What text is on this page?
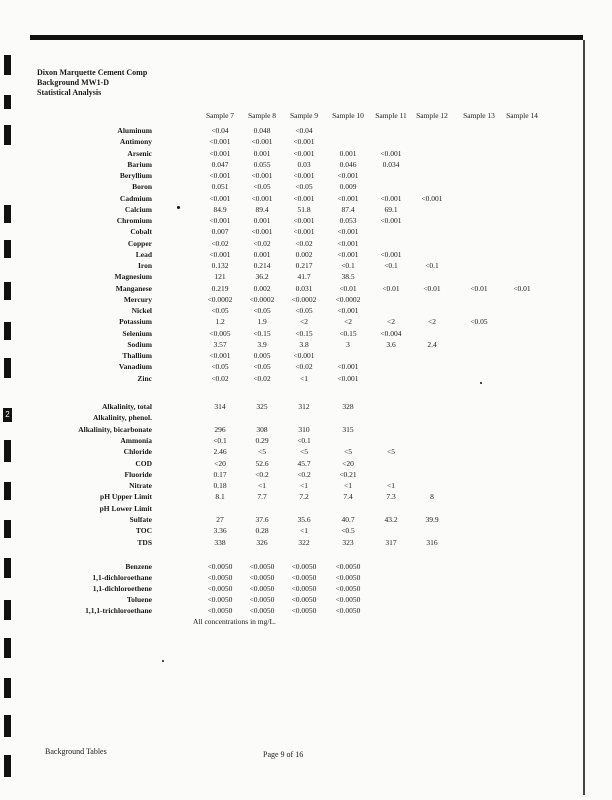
2
Dixon Marquette Cement Comp
Background MW1-D
Statistical Analysis
Sample 7 Sample 8 Sample 9 Sample 10 Sample 11 Sample 12 Sample 13 Sample 14
Aluminum	<0.04	0.048	<0.04
Antimony	<0.001	<0.001	<0.001
Arsenic	<0.001	0.001	<0.001	0.001	<0.001
Barium	0.047	0.055	0.03	0.046	0.034
Beryllium	<0.001	<0.001	<0.001	<0.001
Boron	0.051	<0.05	<0.05	0.009
Cadmium	<0.001	<0.001	<0.001	<0.001	<0.001	<0.001
Calcium	84.9	89.4	51.8	87.4	69.1
Chromium	<0.001	0.001	<0.001	0.053	<0.001
Cobalt	0.007	<0.001	<0.001	<0.001
Copper	<0.02	<0.02	<0.02	<0.001
Lead	<0.001	0.001	0.002	<0.001	<0.001
Iron	0.132	0.214	0.217	<0.1	<0.1	<0.1
Magnesium	121	36.2	41.7	38.5
Manganese	0.219	0.002	0.031	<0.01	<0.01	<0.01	<0.01	<0.01
Mercury	<0.0002 <0.0002 <0.0002	<0.0002
Nickel	<0.05	<0.05	<0.05	<0.001
Potassium	1.2	1.9	<2	<2	<2	<2	<0.05
Selenium	<0.005	<0.15	<0.15	<0.15	<0.004
Sodium	3.57	3.9	3.8	3	3.6	2.4
Thallium	<0.001	0.005	<0.001
Vanadium	<0.05	<0.05	<0.02	<0.001
Zinc	<0.02	<0.02	<1	<0.001
Alkalinity, total	314	325	312	328
Alkalinity, phenol.
Alkalinity, bicarbonate	296	308	310	315
Ammonia	<0.1	0.29	<0.1
Chloride	2.46	<5	<5	<5	<5
COD	<20	52.6	45.7	<20
Fluoride	0.17	<0.2	<0.2	<0.21
Nitrate	0.18	<1	<1	<1	<1
pH Upper Limit	8.1	7.7	7.2	7.4	7.3	8
pH Lower Limit
Sulfate	27	37.6	35.6	40.7	43.2	39.9
TOC	3.36	0.28	<1	<0.5
TDS	338	326	322	323	317	316
Benzene	<0.0050 <0.0050 <0.0050	<0.0050
1,1-dichloroethane	<0.0050 <0.0050 <0.0050	<0.0050
1,1-dichloroethene	<0.0050 <0.0050 <0.0050	<0.0050
Toluene	<0.0050 <0.0050 <0.0050	<0.0050
1,1,1-trichloroethane	<0.0050 <0.0050 <0.0050	<0.0050
All concentrations in mg/L.
Background Tables	Page 9 of 16
